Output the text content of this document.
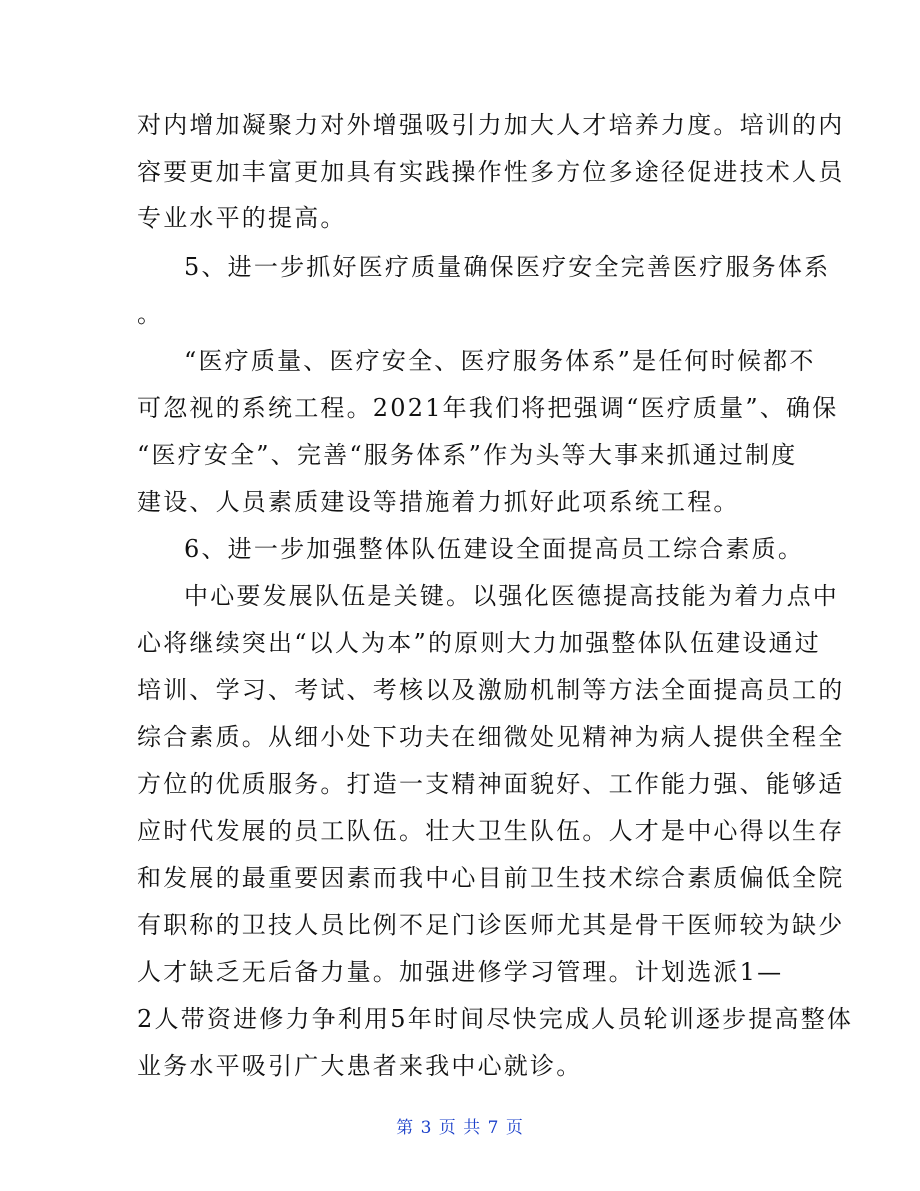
对内增加凝聚力对外增强吸引力加大人才培养力度。培训的内
容要更加丰富更加具有实践操作性多方位多途径促进技术人员
专业水平的提高。
5、进一步抓好医疗质量确保医疗安全完善医疗服务体系
。
“医疗质量、医疗安全、医疗服务体系”是任何时候都不
可忽视的系统工程。2021年我们将把强调“医疗质量”、确保
“医疗安全”、完善“服务体系”作为头等大事来抓通过制度
建设、人员素质建设等措施着力抓好此项系统工程。
6、进一步加强整体队伍建设全面提高员工综合素质。
中心要发展队伍是关键。以强化医德提高技能为着力点中
心将继续突出“以人为本”的原则大力加强整体队伍建设通过
培训、学习、考试、考核以及激励机制等方法全面提高员工的
综合素质。从细小处下功夫在细微处见精神为病人提供全程全
方位的优质服务。打造一支精神面貌好、工作能力强、能够适
应时代发展的员工队伍。壮大卫生队伍。人才是中心得以生存
和发展的最重要因素而我中心目前卫生技术综合素质偏低全院
有职称的卫技人员比例不足门诊医师尤其是骨干医师较为缺少
人才缺乏无后备力量。加强进修学习管理。计划选派1—
2人带资进修力争利用5年时间尽快完成人员轮训逐步提高整体
业务水平吸引广大患者来我中心就诊。
第 3 页 共 7 页
